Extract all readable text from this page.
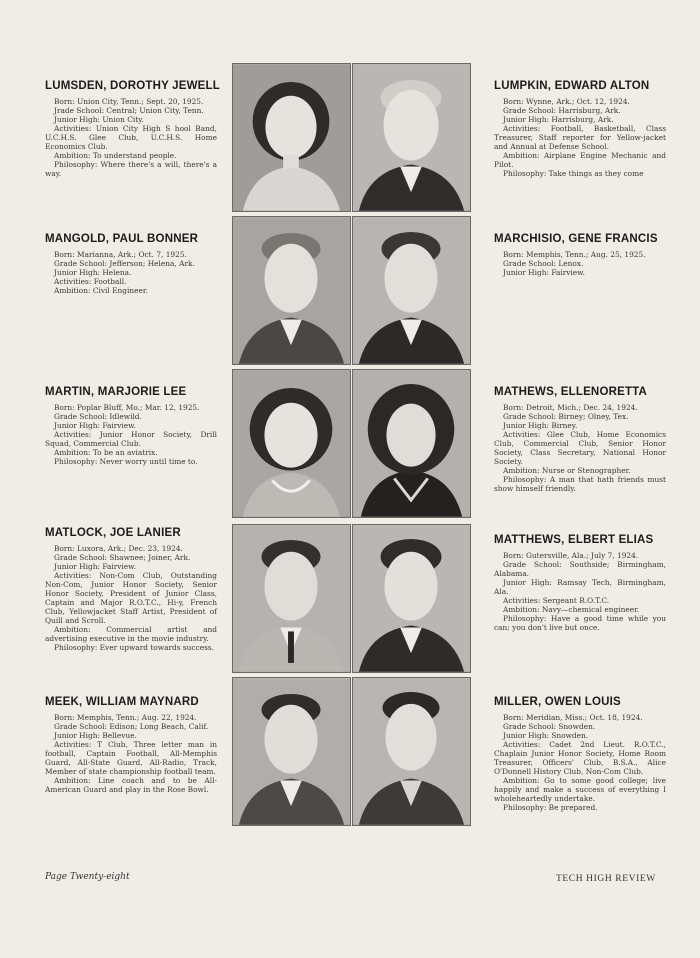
LUMSDEN, DOROTHY JEWELL

Born: Union City, Tenn.; Sept. 20, 1925.

Jrade School: Central; Union City, Tenn.

Junior High: Union City.

Activities: Union City High S hool Band, U.C.H.S. Glee Club, U.C.H.S. Home Economics Club.

Ambition: To understand people.

Philosophy: Where there's a will, there's a way.

LUMPKIN, EDWARD ALTON

Born: Wynne, Ark.; Oct. 12, 1924.

Grade School: Harrisburg, Ark.

Junior High: Harrisburg, Ark.

Activities: Football, Basketball, Class Treasurer, Staff reporter for Yellow-jacket and Annual at Defense School.

Ambition: Airplane Engine Mechanic and Pilot.

Philosophy: Take things as they come

MANGOLD, PAUL BONNER

Born: Marianna, Ark.; Oct. 7, 1925.

Grade School: Jefferson; Helena, Ark.

Junior High: Helena.

Activities: Football.

Ambition: Civil Engineer.

MARCHISIO, GENE FRANCIS

Born: Memphis, Tenn.; Aug. 25, 1925.

Grade School: Lenox.

Junior High: Fairview.

MARTIN, MARJORIE LEE

Born: Poplar Bluff, Mo.; Mar. 12, 1925.

Grade School: Idlewild.

Junior High: Fairview.

Activities: Junior Honor Society, Drill Squad, Commercial Club.

Ambition: To be an aviatrix.

Philosophy: Never worry until time to.

MATHEWS, ELLENORETTA

Born: Detroit, Mich.; Dec. 24, 1924.

Grade School: Birney; Olney, Tex.

Junior High: Birney.

Activities: Glee Club, Home Economics Club, Commercial Club, Senior Honor Society, Class Secretary, National Honor Society.

Ambition: Nurse or Stenographer.

Philosophy: A man that hath friends must show himself friendly.

MATLOCK, JOE LANIER

Born: Luxora, Ark.; Dec. 23, 1924.

Grade School: Shawnee; Joiner, Ark.

Junior High: Fairview.

Activities: Non-Com Club, Outstanding Non-Com, Junior Honor Society, Senior Honor Society, President of Junior Class, Captain and Major R.O.T.C., Hi-y, French Club, Yellowjacket Staff Artist, President of Quill and Scroll.

Ambition: Commercial artist and advertising executive in the movie industry.

Philosophy: Ever upward towards success.

MATTHEWS, ELBERT ELIAS

Born: Gutersville, Ala.; July 7, 1924.

Grade School: Southside; Birmingham, Alabama.

Junior High: Ramsay Tech, Birmingham, Ala.

Activities: Sergeant R.O.T.C.

Ambition: Navy—chemical engineer.

Philosophy: Have a good time while you can; you don't live but once.

MEEK, WILLIAM MAYNARD

Born: Memphis, Tenn.; Aug. 22, 1924.

Grade School: Edison; Long Beach, Calif.

Junior High: Bellevue.

Activities: T Club, Three letter man in football, Captain Football, All-Memphis Guard, All-State Guard, All-Radio, Track, Member of state championship football team.

Ambition: Line coach and to be All-American Guard and play in the Rose Bowl.

MILLER, OWEN LOUIS

Born: Meridian, Miss.; Oct. 18, 1924.

Grade School: Snowden.

Junior High: Snowden.

Activities: Cadet 2nd Lieut. R.O.T.C., Chaplain Junior Honor Society, Home Room Treasurer, Officers' Club, B.S.A., Alice O'Donnell History Club, Non-Com Club.

Ambition: Go to some good college; live happily and make a success of everything I wholeheartedly undertake.

Philosophy: Be prepared.

Page Twenty-eight	TECH HIGH REVIEW
